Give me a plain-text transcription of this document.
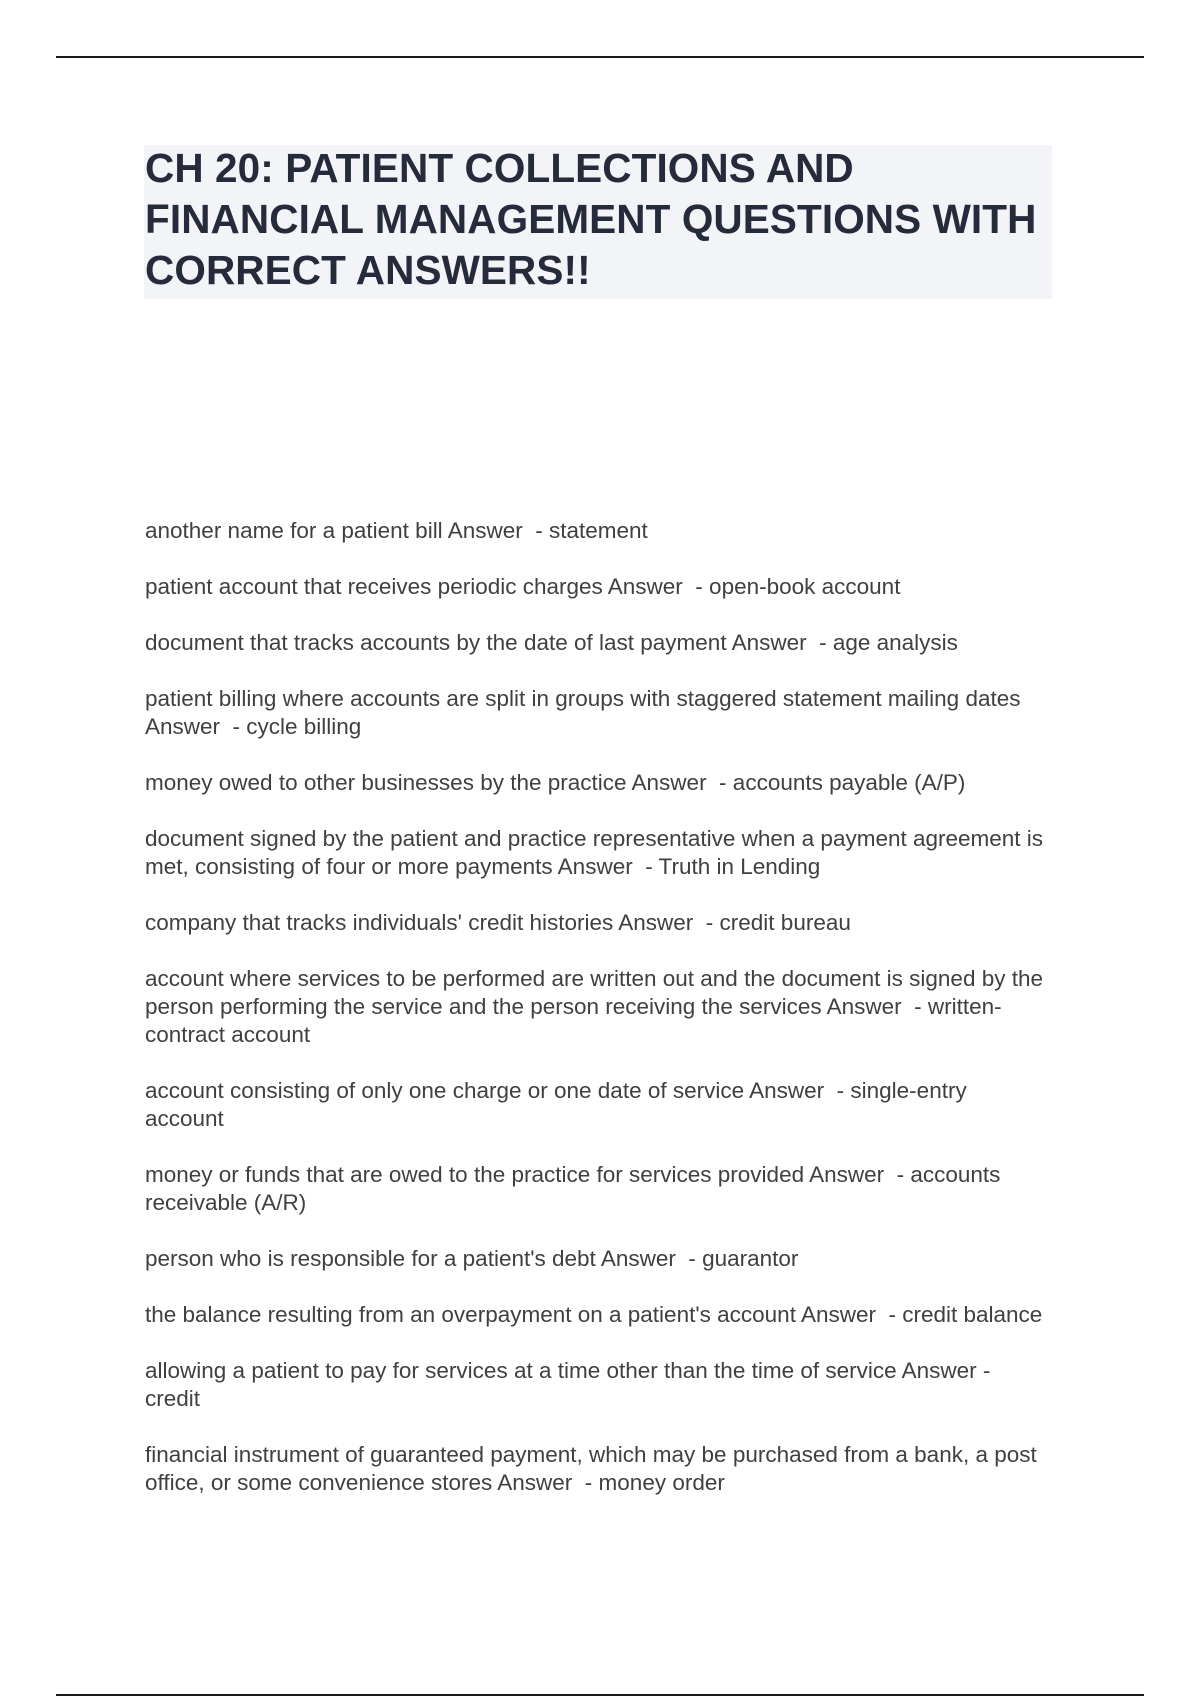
CH 20: PATIENT COLLECTIONS AND FINANCIAL MANAGEMENT QUESTIONS WITH CORRECT ANSWERS!!
another name for a patient bill Answer  - statement
patient account that receives periodic charges Answer  - open-book account
document that tracks accounts by the date of last payment Answer  - age analysis
patient billing where accounts are split in groups with staggered statement mailing dates Answer  - cycle billing
money owed to other businesses by the practice Answer  - accounts payable (A/P)
document signed by the patient and practice representative when a payment agreement is met, consisting of four or more payments Answer  - Truth in Lending
company that tracks individuals' credit histories Answer  - credit bureau
account where services to be performed are written out and the document is signed by the person performing the service and the person receiving the services Answer  - written-contract account
account consisting of only one charge or one date of service Answer  - single-entry account
money or funds that are owed to the practice for services provided Answer  - accounts receivable (A/R)
person who is responsible for a patient's debt Answer  - guarantor
the balance resulting from an overpayment on a patient's account Answer  - credit balance
allowing a patient to pay for services at a time other than the time of service Answer - credit
financial instrument of guaranteed payment, which may be purchased from a bank, a post office, or some convenience stores Answer  - money order
